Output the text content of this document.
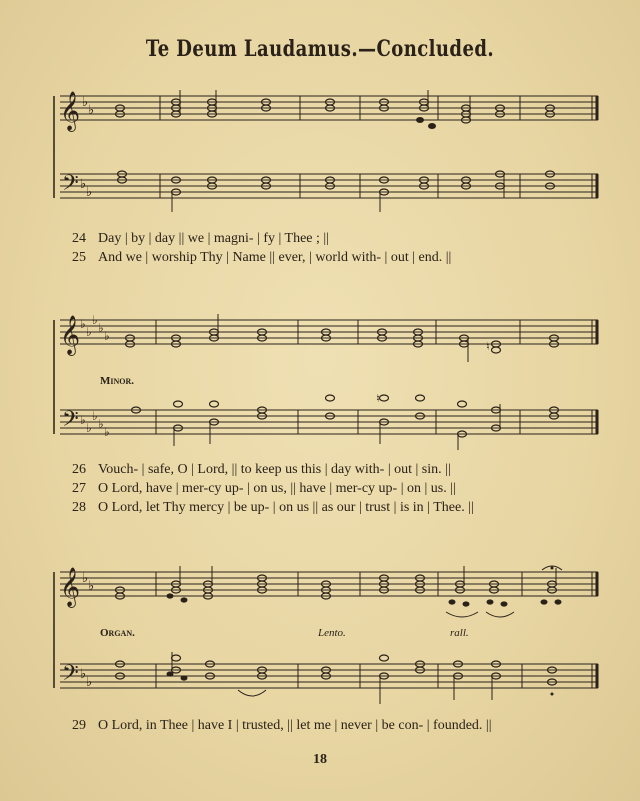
Te Deum Laudamus.—Concluded.
𝄞
𝄢
♭
♭
♭
♭
24 Day | by | day || we | magni- | fy | Thee ; ||
25 And we | worship Thy | Name || ever, | world with- | out | end. ||
𝄞
𝄢
♭
♭
♭
♭
♭
♭
♭
♭
♭
♭
♮
♮
Minor.
26 Vouch- | safe, O | Lord, || to keep us this | day with- | out | sin. ||
27 O Lord, have | mer-cy up- | on us, || have | mer-cy up- | on | us. ||
28 O Lord, let Thy mercy | be up- | on us || as our | trust | is in | Thee. ||
𝄞
𝄢
♭
♭
♭
♭
Organ.	Lento.	rall.
29 O Lord, in Thee | have I | trusted, || let me | never | be con- | founded. ||
18
